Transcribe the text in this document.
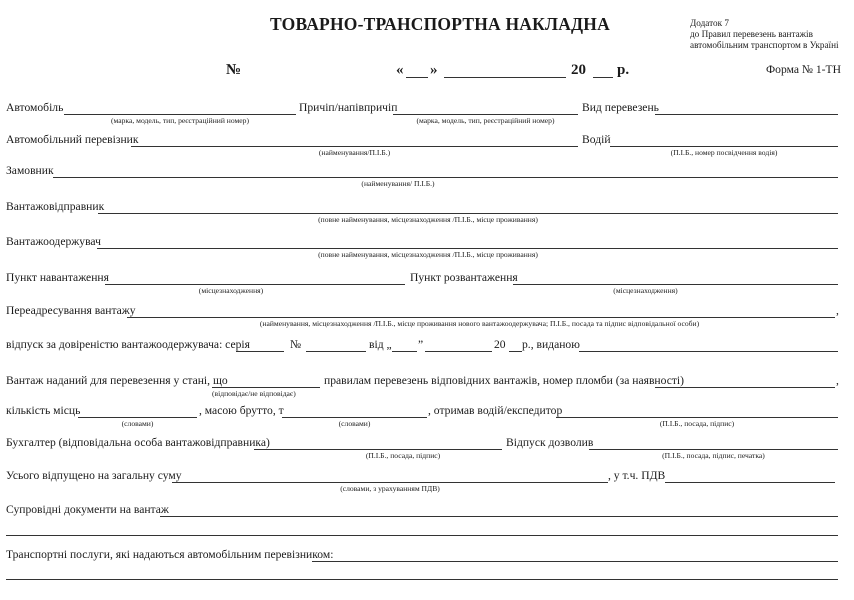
ТОВАРНО-ТРАНСПОРТНА НАКЛАДНА	Додаток 7
до Правил перевезень вантажів
автомобільним транспортом в Україні
№	« »	20 р.	Форма № 1-ТН
Автомобіль
(марка, модель, тип, реєстраційний номер)
Причіп/напівпричіп
(марка, модель, тип, реєстраційний номер)
Вид перевезень
Автомобільний перевізник
(найменування/П.І.Б.)
Водій
(П.І.Б., номер посвідчення водія)
Замовник
(найменування/ П.І.Б.)
Вантажовідправник
(повне найменування, місцезнаходження /П.І.Б., місце проживання)
Вантажоодержувач
(повне найменування, місцезнаходження /П.І.Б., місце проживання)
Пункт навантаження
(місцезнаходження)
Пункт розвантаження
(місцезнаходження)
Переадресування вантажу	,
(найменування, місцезнаходження /П.І.Б., місце проживання нового вантажоодержувача; П.І.Б., посада та підпис відповідальної особи)
відпуск за довіреністю вантажоодержувача: серія	№	від „ ”	20 р., виданою
Вантаж наданий для перевезення у стані, що
(відповідає/не відповідає)
правилам перевезень відповідних вантажів, номер пломби (за наявності)	,
кількість місць
(словами)
, масою брутто, т
(словами)
, отримав водій/експедитор
(П.І.Б., посада, підпис)
Бухгалтер (відповідальна особа вантажовідправника)
(П.І.Б., посада, підпис)
Відпуск дозволив
(П.І.Б., посада, підпис, печатка)
Усього відпущено на загальну суму
(словами, з урахуванням ПДВ)
, у т.ч. ПДВ
Супровідні документи на вантаж
Транспортні послуги, які надаються автомобільним перевізником:
